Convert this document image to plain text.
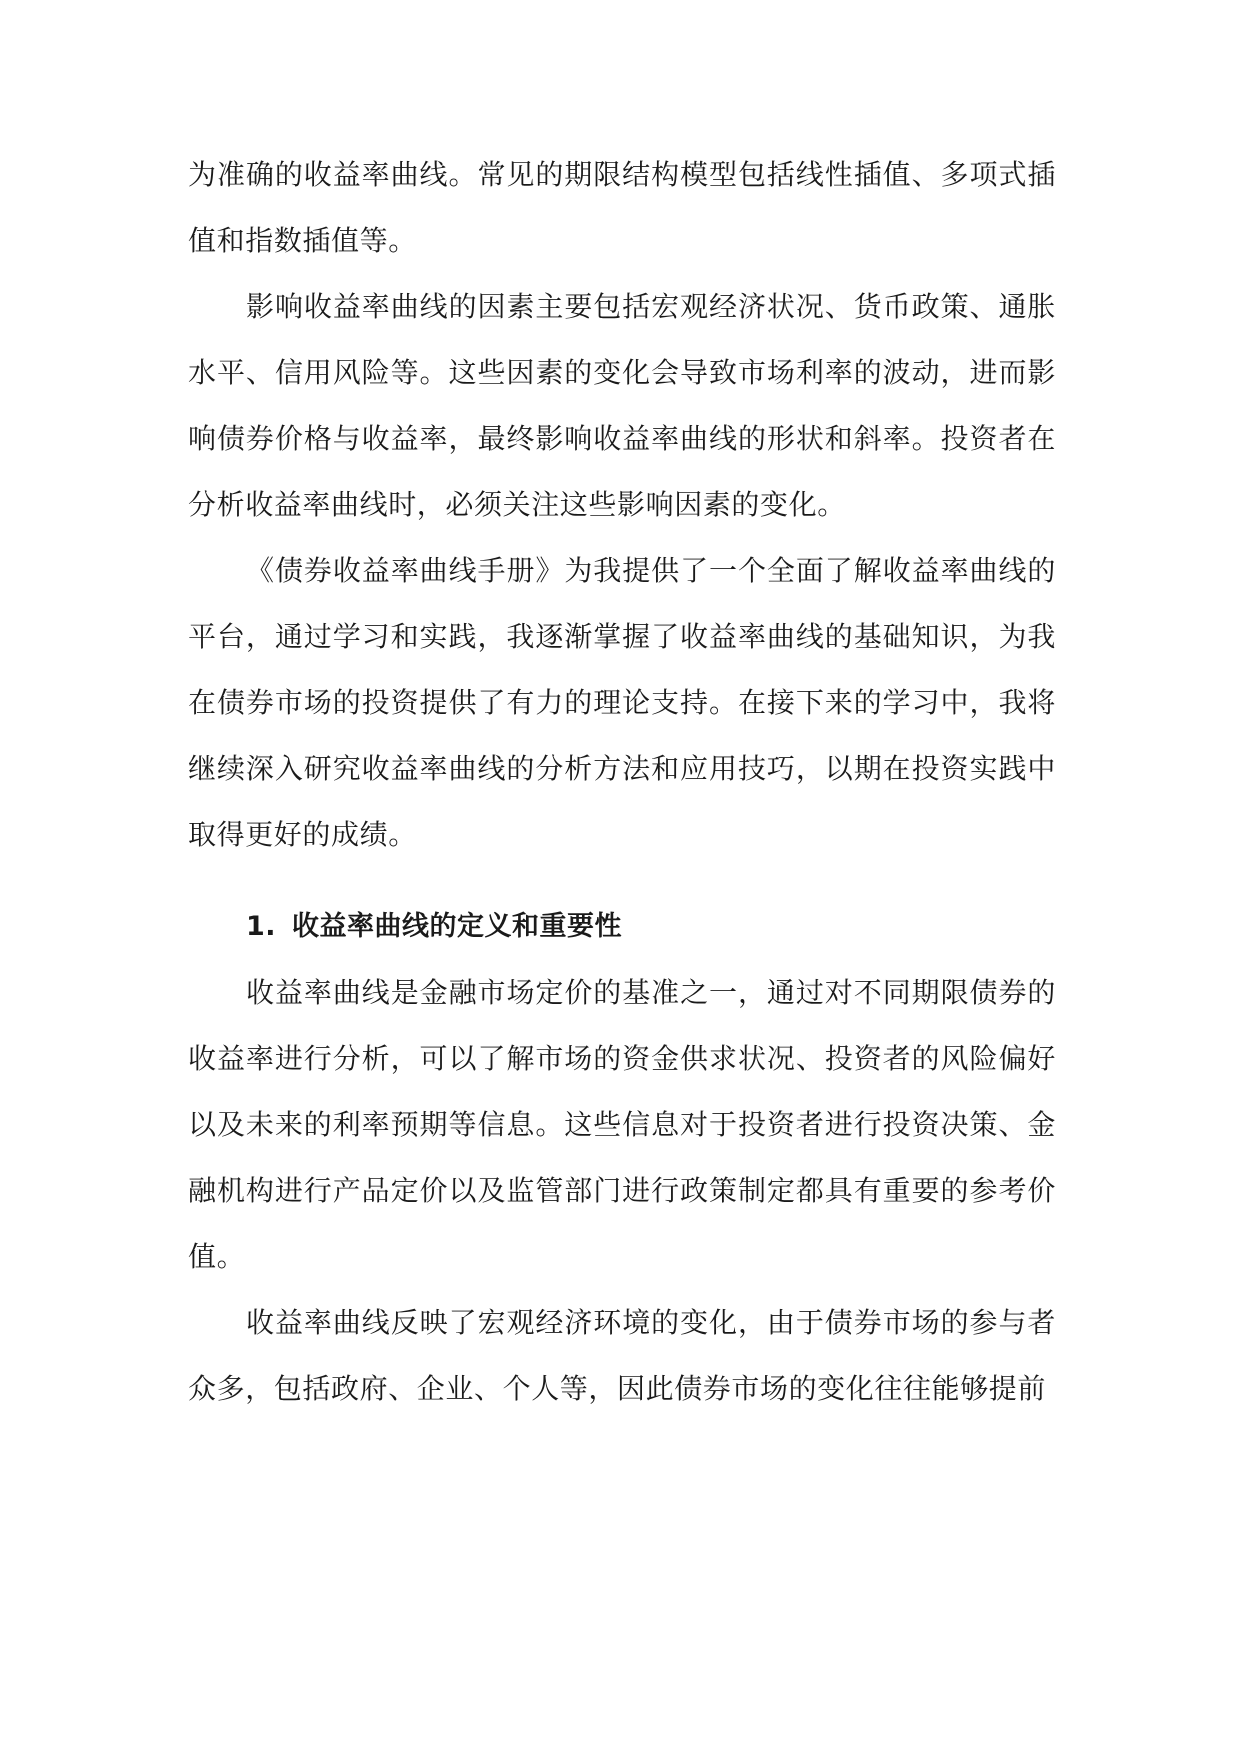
为准确的收益率曲线。常见的期限结构模型包括线性插值、多项式插值和指数插值等。

影响收益率曲线的因素主要包括宏观经济状况、货币政策、通胀水平、信用风险等。这些因素的变化会导致市场利率的波动，进而影响债券价格与收益率，最终影响收益率曲线的形状和斜率。投资者在分析收益率曲线时，必须关注这些影响因素的变化。

《债券收益率曲线手册》为我提供了一个全面了解收益率曲线的平台，通过学习和实践，我逐渐掌握了收益率曲线的基础知识，为我在债券市场的投资提供了有力的理论支持。在接下来的学习中，我将继续深入研究收益率曲线的分析方法和应用技巧，以期在投资实践中取得更好的成绩。

1. 收益率曲线的定义和重要性

收益率曲线是金融市场定价的基准之一，通过对不同期限债券的收益率进行分析，可以了解市场的资金供求状况、投资者的风险偏好以及未来的利率预期等信息。这些信息对于投资者进行投资决策、金融机构进行产品定价以及监管部门进行政策制定都具有重要的参考价值。

收益率曲线反映了宏观经济环境的变化，由于债券市场的参与者众多，包括政府、企业、个人等，因此债券市场的变化往往能够提前
